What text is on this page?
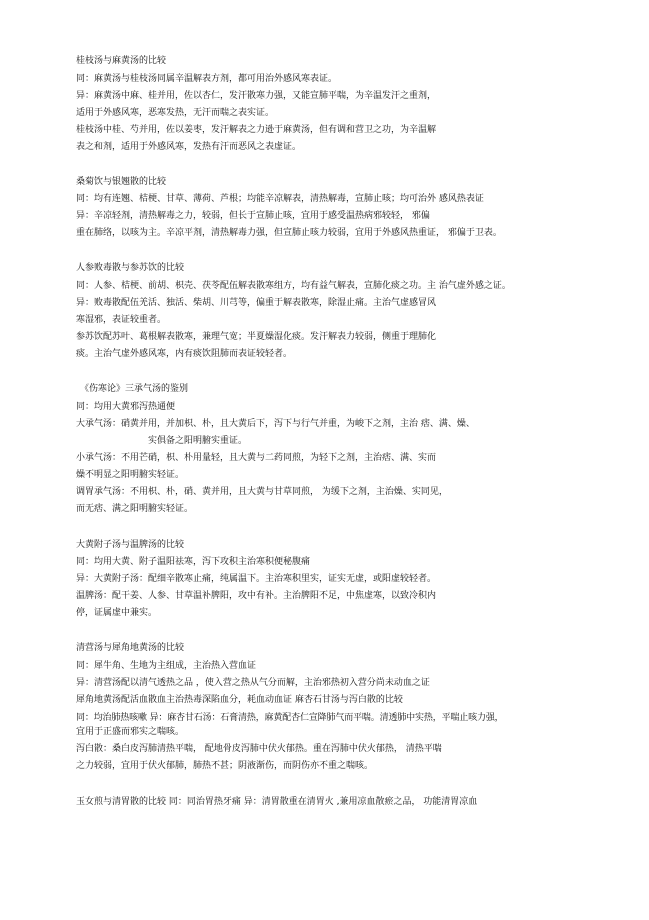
桂枝汤与麻黄汤的比较
同：麻黄汤与桂枝汤同属辛温解表方剂，都可用治外感风寒表证。
异：麻黄汤中麻、桂并用，佐以杏仁，发汗散寒力强，又能宣肺平喘，为辛温发汗之重剂，
适用于外感风寒，恶寒发热，无汗而喘之表实证。
桂枝汤中桂、芍并用，佐以姜枣，发汗解表之力逊于麻黄汤，但有调和营卫之功，为辛温解
表之和剂，适用于外感风寒，发热有汗而恶风之表虚证。
桑菊饮与银翘散的比较
同：均有连翘、桔梗、甘草、薄荷、芦根；均能辛凉解表，清热解毒，宣肺止咳；均可治外 感风热表证
异：辛凉轻剂，清热解毒之力，较弱，但长于宣肺止咳，宜用于感受温热病邪较轻， 邪偏
重在肺络，以咳为主。辛凉平剂，清热解毒力强，但宣肺止咳力较弱，宜用于外感风热重证， 邪偏于卫表。
人参败毒散与参苏饮的比较
同：人参、桔梗、前胡、枳壳、茯苓配伍解表散寒组方，均有益气解表，宣肺化痰之功。主 治气虚外感之证。
异：败毒散配伍羌活、独活、柴胡、川芎等，偏重于解表散寒，除湿止痛。主治气虚感冒风
寒湿邪，表证较重者。
参苏饮配苏叶、葛根解表散寒，兼理气宽；半夏燥湿化痰。发汗解表力较弱，侧重于理肺化
痰。主治气虚外感风寒，内有痰饮阻肺而表证较轻者。
《伤寒论》三承气汤的鉴别
同：均用大黄邪泻热通便
大承气汤：硝黄并用，并加枳、朴，且大黄后下，泻下与行气并重，为峻下之剂，主治 痞、满、燥、
实俱备之阳明腑实重证。
小承气汤：不用芒硝，枳、朴用量轻，且大黄与二药同煎，为轻下之剂，主治痞、满、实而
燥不明显之阳明腑实轻证。
调胃承气汤：不用枳、朴，硝、黄并用，且大黄与甘草同煎， 为缓下之剂，主治燥、实同见，
而无痞、满之阳明腑实轻证。
大黄附子汤与温脾汤的比较
同：均用大黄、附子温阳祛寒，泻下攻积主治寒积便秘腹痛
异：大黄附子汤：配细辛散寒止痛，纯属温下。主治寒积里实，证实无虚，或阳虚较轻者。
温脾汤：配干姜、人参、甘草温补脾阳，攻中有补。主治脾阳不足，中焦虚寒，以致冷积内
停，证属虚中兼实。
清营汤与犀角地黄汤的比较
同：犀牛角、生地为主组成，主治热入营血证
异：清营汤配以清气透热之品 ，使入营之热从气分而解，主治邪热初入营分尚未动血之证
犀角地黄汤配活血散血主治热毒深陷血分，耗血动血证 麻杏石甘汤与泻白散的比较
同：均治肺热咳嗽 异：麻杏甘石汤：石膏清热，麻黄配杏仁宣降肺气而平喘。清透肺中实热，平喘止咳力强，
宜用于正盛而邪实之喘咳。
泻白散：桑白皮泻肺清热平喘， 配地骨皮泻肺中伏火郁热。重在泻肺中伏火郁热， 清热平喘
之力较弱，宜用于伏火郁肺，肺热不甚；阴液渐伤，而阴伤亦不重之喘咳。
玉女煎与清胃散的比较 同：同治胃热牙痛 异：清胃散重在清胃火 ,兼用凉血散瘀之品， 功能清胃凉血
